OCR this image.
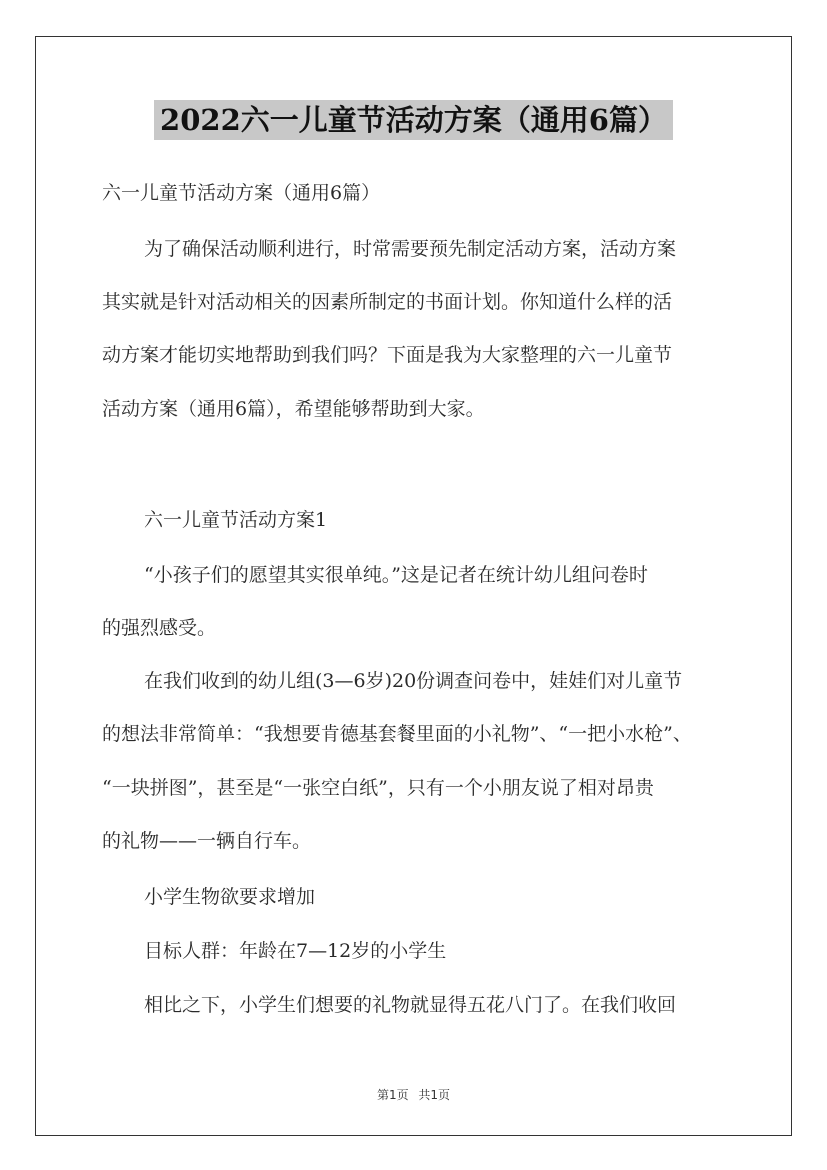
2022六一儿童节活动方案（通用6篇）
六一儿童节活动方案（通用6篇）
为了确保活动顺利进行，时常需要预先制定活动方案，活动方案
其实就是针对活动相关的因素所制定的书面计划。你知道什么样的活
动方案才能切实地帮助到我们吗？下面是我为大家整理的六一儿童节
活动方案（通用6篇），希望能够帮助到大家。
六一儿童节活动方案1
“小孩子们的愿望其实很单纯。”这是记者在统计幼儿组问卷时
的强烈感受。
在我们收到的幼儿组(3—6岁)20份调查问卷中，娃娃们对儿童节
的想法非常简单：“我想要肯德基套餐里面的小礼物”、“一把小水枪”、
“一块拼图”，甚至是“一张空白纸”，只有一个小朋友说了相对昂贵
的礼物——一辆自行车。
小学生物欲要求增加
目标人群：年龄在7—12岁的小学生
相比之下，小学生们想要的礼物就显得五花八门了。在我们收回
第1页 共1页
